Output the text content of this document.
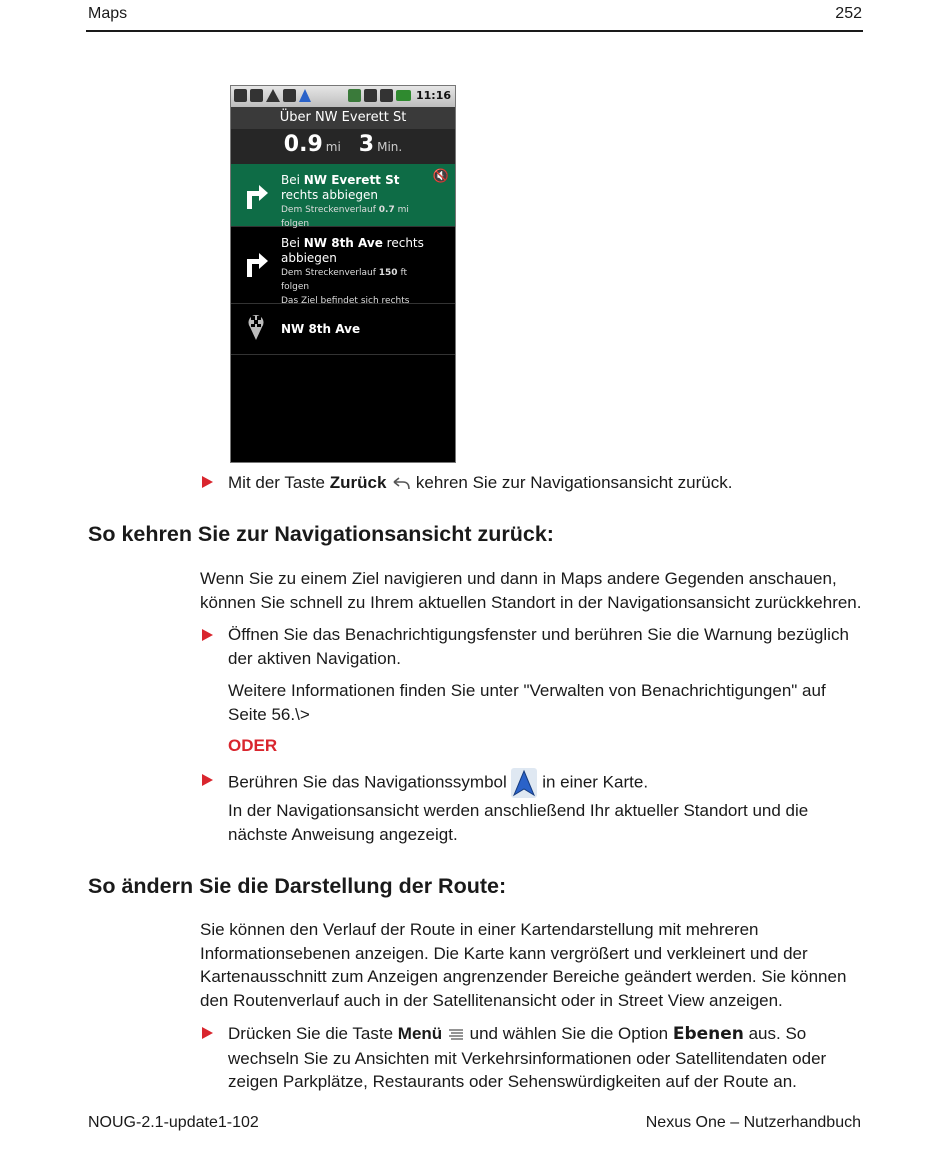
Maps	252
11:16
Über NW Everett St
0.9 mi 3 Min.
Bei NW Everett St rechts abbiegen
Dem Streckenverlauf 0.7 mi folgen
🔇
Bei NW 8th Ave rechts abbiegen
Dem Streckenverlauf 150 ft folgen
Das Ziel befindet sich rechts
NW 8th Ave
Mit der Taste Zurück  kehren Sie zur Navigationsansicht zurück.
So kehren Sie zur Navigationsansicht zurück:
Wenn Sie zu einem Ziel navigieren und dann in Maps andere Gegenden anschauen, können Sie schnell zu Ihrem aktuellen Standort in der Navigationsansicht zurückkehren.
Öffnen Sie das Benachrichtigungsfenster und berühren Sie die Warnung bezüglich der aktiven Navigation.
Weitere Informationen finden Sie unter "Verwalten von Benachrichtigungen" auf Seite 56.\>
ODER
Berühren Sie das Navigationssymbol  in einer Karte.
In der Navigationsansicht werden anschließend Ihr aktueller Standort und die nächste Anweisung angezeigt.
So ändern Sie die Darstellung der Route:
Sie können den Verlauf der Route in einer Kartendarstellung mit mehreren Informationsebenen anzeigen. Die Karte kann vergrößert und verkleinert und der Kartenausschnitt zum Anzeigen angrenzender Bereiche geändert werden. Sie können den Routenverlauf auch in der Satellitenansicht oder in Street View anzeigen.
Drücken Sie die Taste Menü  und wählen Sie die Option Ebenen aus. So wechseln Sie zu Ansichten mit Verkehrsinformationen oder Satellitendaten oder zeigen Parkplätze, Restaurants oder Sehenswürdigkeiten auf der Route an.
NOUG-2.1-update1-102	Nexus One – Nutzerhandbuch
